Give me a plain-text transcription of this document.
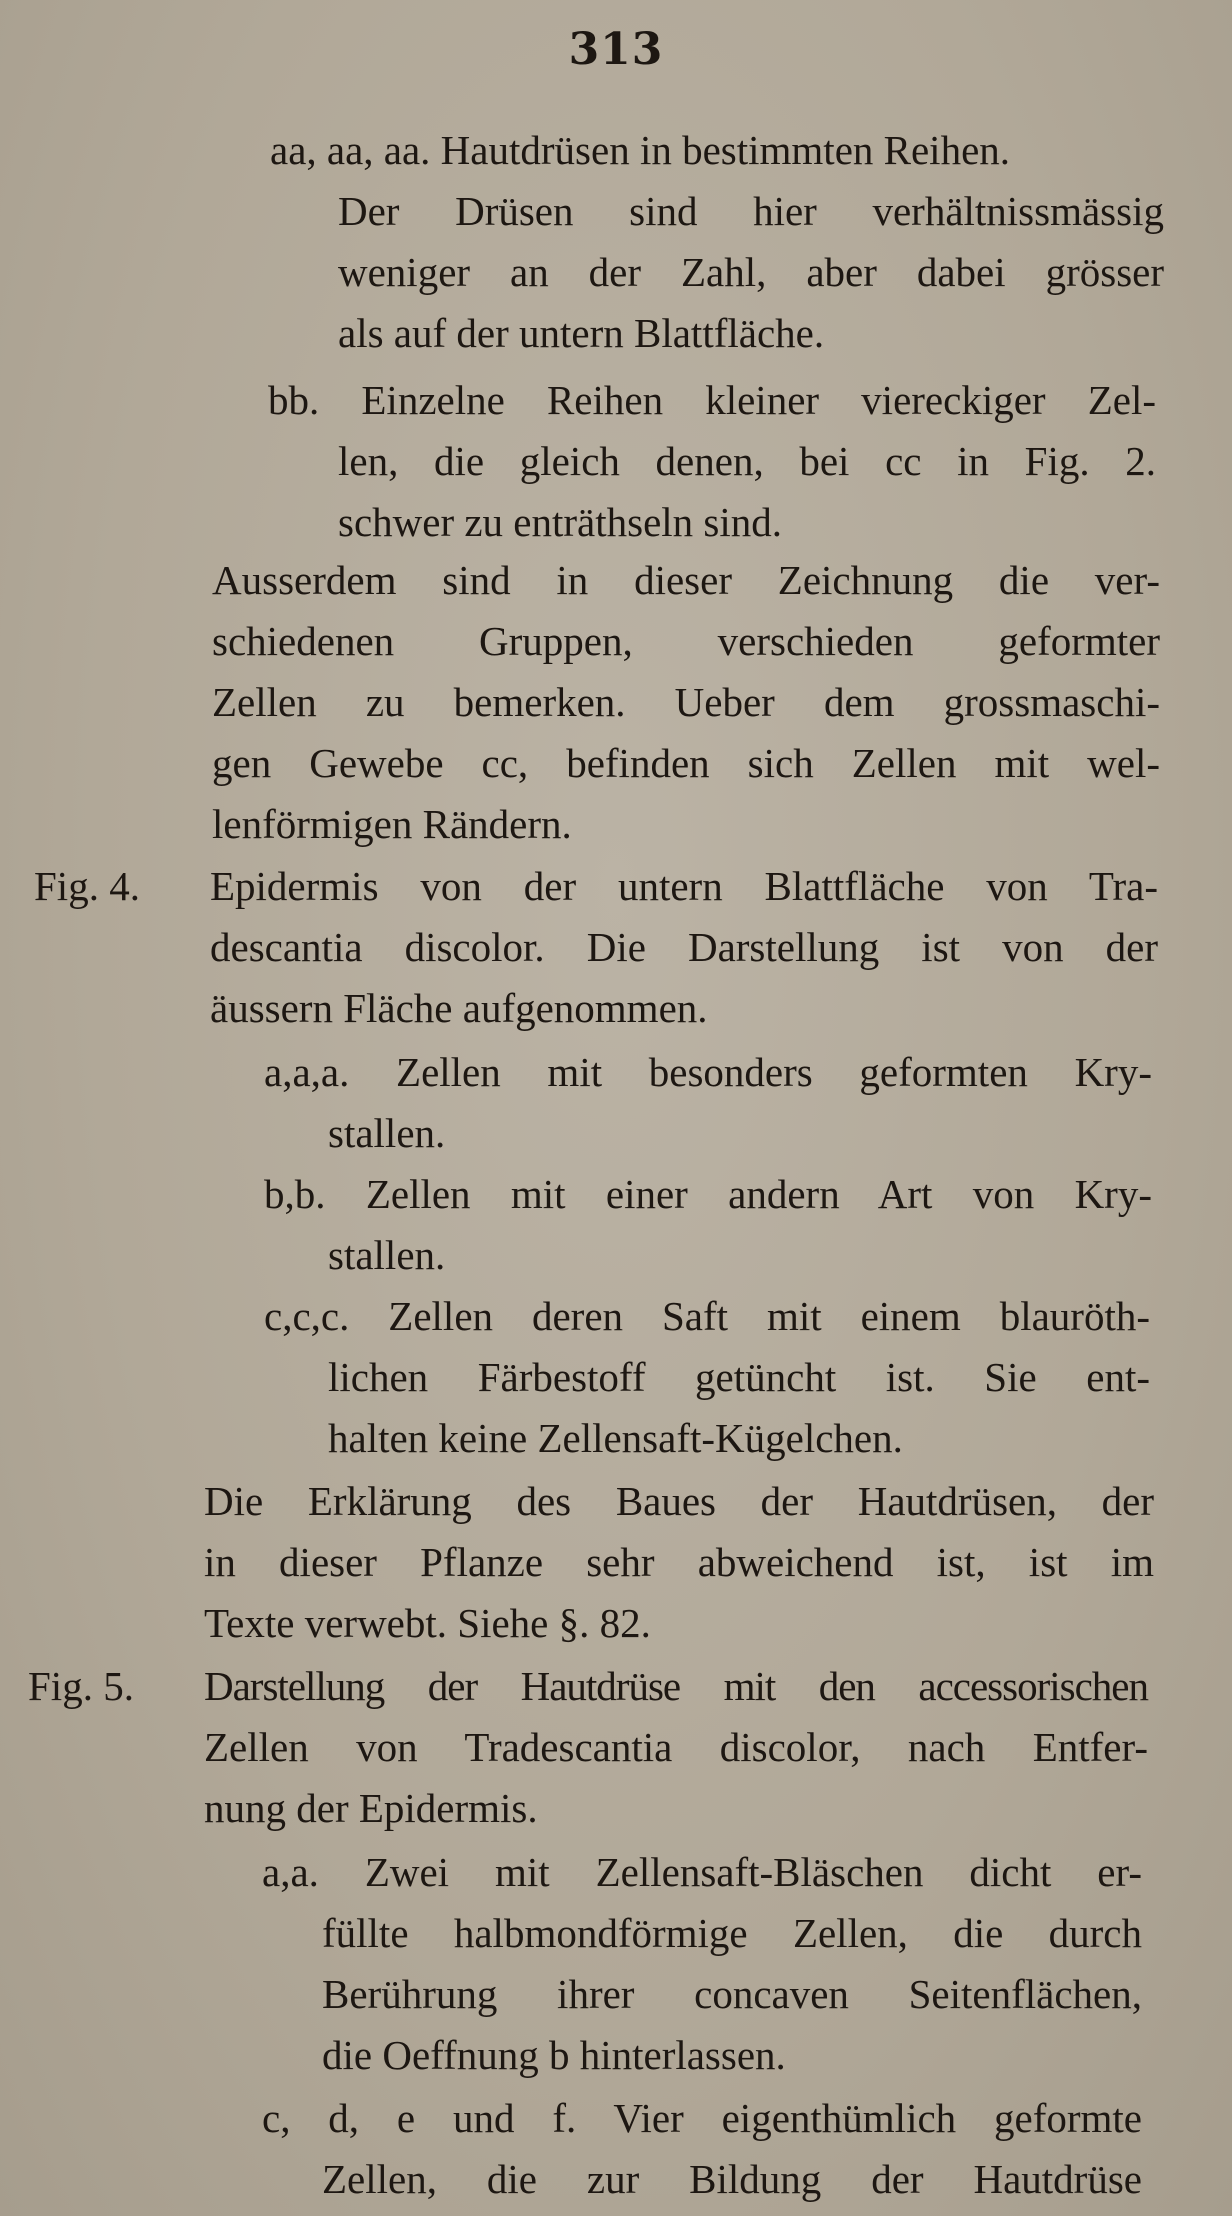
313
aa, aa, aa. Hautdrüsen in bestimmten Reihen.
Der Drüsen sind hier verhältnissmässig
weniger an der Zahl, aber dabei grösser
als auf der untern Blattfläche.
bb. Einzelne Reihen kleiner viereckiger Zel-
len, die gleich denen, bei cc in Fig. 2.
schwer zu enträthseln sind.
Ausserdem sind in dieser Zeichnung die ver-
schiedenen Gruppen, verschieden geformter
Zellen zu bemerken. Ueber dem grossmaschi-
gen Gewebe cc, befinden sich Zellen mit wel-
lenförmigen Rändern.
Fig. 4. Epidermis von der untern Blattfläche von Tra-
descantia discolor. Die Darstellung ist von der
äussern Fläche aufgenommen.
a,a,a. Zellen mit besonders geformten Kry-
stallen.
b,b. Zellen mit einer andern Art von Kry-
stallen.
c,c,c. Zellen deren Saft mit einem blauröth-
lichen Färbestoff getüncht ist. Sie ent-
halten keine Zellensaft-Kügelchen.
Die Erklärung des Baues der Hautdrüsen, der
in dieser Pflanze sehr abweichend ist, ist im
Texte verwebt. Siehe §. 82.
Fig. 5. Darstellung der Hautdrüse mit den accessorischen
Zellen von Tradescantia discolor, nach Entfer-
nung der Epidermis.
a,a. Zwei mit Zellensaft-Bläschen dicht er-
füllte halbmondförmige Zellen, die durch
Berührung ihrer concaven Seitenflächen,
die Oeffnung b hinterlassen.
c, d, e und f. Vier eigenthümlich geformte
Zellen, die zur Bildung der Hautdrüse
